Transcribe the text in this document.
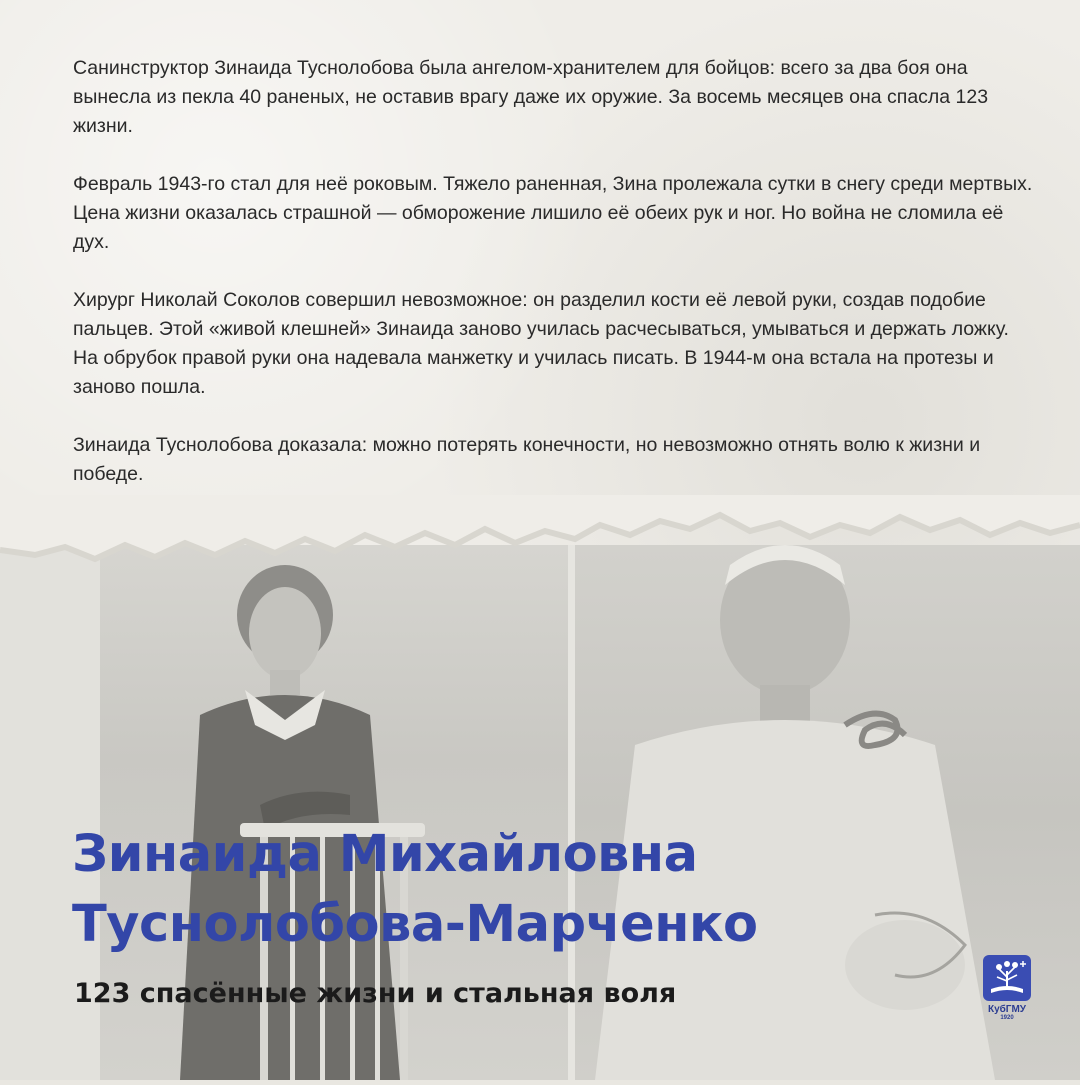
Санинструктор Зинаида Туснолобова была ангелом-хранителем для бойцов: всего за два боя она вынесла из пекла 40 раненых, не оставив врагу даже их оружие. За восемь месяцев она спасла 123 жизни.

Февраль 1943-го стал для неё роковым. Тяжело раненная, Зина пролежала сутки в снегу среди мертвых. Цена жизни оказалась страшной — обморожение лишило её обеих рук и ног. Но война не сломила её дух.

Хирург Николай Соколов совершил невозможное: он разделил кости её левой руки, создав подобие пальцев. Этой «живой клешней» Зинаида заново училась расчесываться, умываться и держать ложку. На обрубок правой руки она надевала манжетку и училась писать. В 1944-м она встала на протезы и заново пошла.

Зинаида Туснолобова доказала: можно потерять конечности, но невозможно отнять волю к жизни и победе.

Зинаида Михайловна
Туснолобова-Марченко
123 спасённые жизни и стальная воля
КубГМУ
1920
